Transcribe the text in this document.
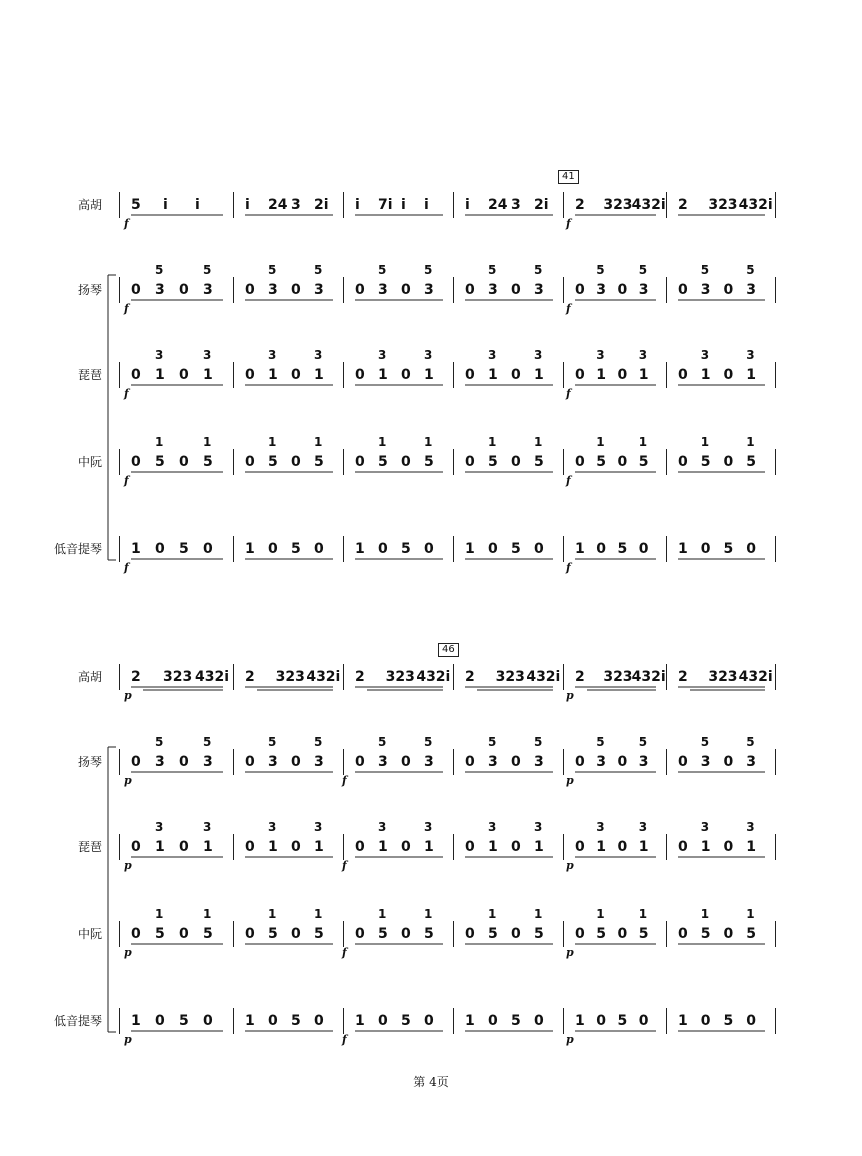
高胡 5 i i	i 24 3 2i i 7i i i	i 24 3 2i 2 323 432i 2 323 432i
f	f
扬琴 0 3
5
0 3
5
0 3
5
0 3
5
0 3
5
0 3
5
0 3
5
0 3
5
0 3
5
0 3
5
0 3
5
0 3
5
f	f
琵琶 0 1
3
0 1
3
0 1
3
0 1
3
0 1
3
0 1
3
0 1
3
0 1
3
0 1
3
0 1
3
0 1
3
0 1
3
f	f
中阮 0 5
1
0 5
1
0 5
1
0 5
1
0 5
1
0 5
1
0 5
1
0 5
1
0 5
1
0 5
1
0 5
1
0 5
1
f	f
低音提琴 1 0 5 0 1 0 5 0 1 0 5 0 1 0 5 0 1 0 5 0 1 0 5 0
f	f
高胡 2 323 432i 2 323 432i 2 323 432i 2 323 432i 2 323 432i 2 323 432i
p	p
扬琴 0 3
5
0 3
5
0 3
5
0 3
5
0 3
5
0 3
5
0 3
5
0 3
5
0 3
5
0 3
5
0 3
5
0 3
5
p	f	p
琵琶 0 1
3
0 1
3
0 1
3
0 1
3
0 1
3
0 1
3
0 1
3
0 1
3
0 1
3
0 1
3
0 1
3
0 1
3
p	f	p
中阮 0 5
1
0 5
1
0 5
1
0 5
1
0 5
1
0 5
1
0 5
1
0 5
1
0 5
1
0 5
1
0 5
1
0 5
1
p	f	p
低音提琴 1 0 5 0 1 0 5 0 1 0 5 0 1 0 5 0 1 0 5 0 1 0 5 0
p	f	p
41
46
第 4页
